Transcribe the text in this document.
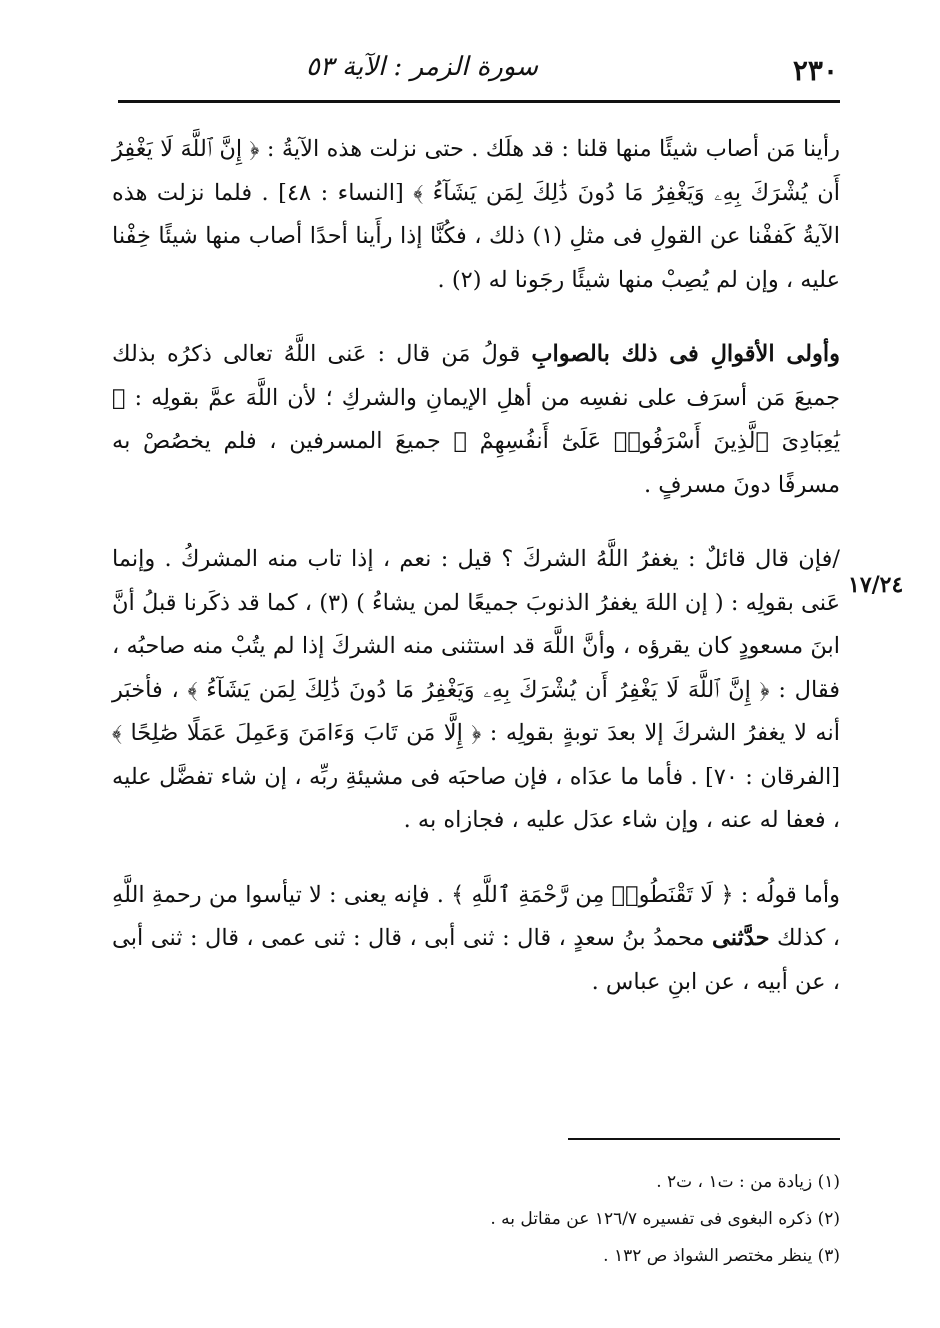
٢٣٠
سورة الزمر : الآية ٥٣
١٧/٢٤

رأينا مَن أصاب شيئًا منها قلنا : قد هلَك . حتى نزلت هذه الآيةُ : ﴿ إِنَّ ٱللَّهَ لَا يَغْفِرُ أَن يُشْرَكَ بِهِۦ وَيَغْفِرُ مَا دُونَ ذَٰلِكَ لِمَن يَشَآءُ ﴾ [النساء : ٤٨] . فلما نزلت هذه الآيةُ كَففْنا عن القولِ فى مثلِ (١) ذلك ، فكُنَّا إذا رأَينا أحدًا أصاب منها شيئًا خِفْنا عليه ، وإن لم يُصِبْ منها شيئًا رجَونا له (٢) .

وأولى الأقوالِ فى ذلك بالصوابِ قولُ مَن قال : عَنى اللَّهُ تعالى ذكرُه بذلك جميعَ مَن أسرَف على نفسِه من أهلِ الإيمانِ والشركِ ؛ لأن اللَّهَ عمَّ بقولِه : ﴿ يَٰعِبَادِىَ ٱلَّذِينَ أَسْرَفُوا۟ عَلَىٰٓ أَنفُسِهِمْ ﴾ جميعَ المسرفين ، فلم يخصُصْ به مسرفًا دونَ مسرفٍ .

/فإن قال قائلٌ : يغفرُ اللَّهُ الشركَ ؟ قيل : نعم ، إذا تاب منه المشركُ . وإنما عَنى بقولِه : ( إن اللهَ يغفرُ الذنوبَ جميعًا لمن يشاءُ ) (٣) ، كما قد ذكَرنا قبلُ أنَّ ابنَ مسعودٍ كان يقرؤه ، وأنَّ اللَّهَ قد استثنى منه الشركَ إذا لم يتُبْ منه صاحبُه ، فقال : ﴿ إِنَّ ٱللَّهَ لَا يَغْفِرُ أَن يُشْرَكَ بِهِۦ وَيَغْفِرُ مَا دُونَ ذَٰلِكَ لِمَن يَشَآءُ ﴾ ، فأخبَر أنه لا يغفرُ الشركَ إلا بعدَ توبةٍ بقولِه : ﴿ إِلَّا مَن تَابَ وَءَامَنَ وَعَمِلَ عَمَلًا صَٰلِحًا ﴾ [الفرقان : ٧٠] . فأما ما عدَاه ، فإن صاحبَه فى مشيئةِ ربِّه ، إن شاء تفضَّل عليه ، فعفا له عنه ، وإن شاء عدَل عليه ، فجازاه به .

وأما قولُه : ﴿ لَا تَقْنَطُوا۟ مِن رَّحْمَةِ ٱللَّهِ ﴾ . فإنه يعنى : لا تيأسوا من رحمةِ اللَّهِ ، كذلك حدَّثنى محمدُ بنُ سعدٍ ، قال : ثنى أبى ، قال : ثنى عمى ، قال : ثنى أبى ، عن أبيه ، عن ابنِ عباس .

(١) زيادة من : ت١ ، ت٢ .

(٢) ذكره البغوى فى تفسيره ١٢٦/٧ عن مقاتل به .

(٣) ينظر مختصر الشواذ ص ١٣٢ .
